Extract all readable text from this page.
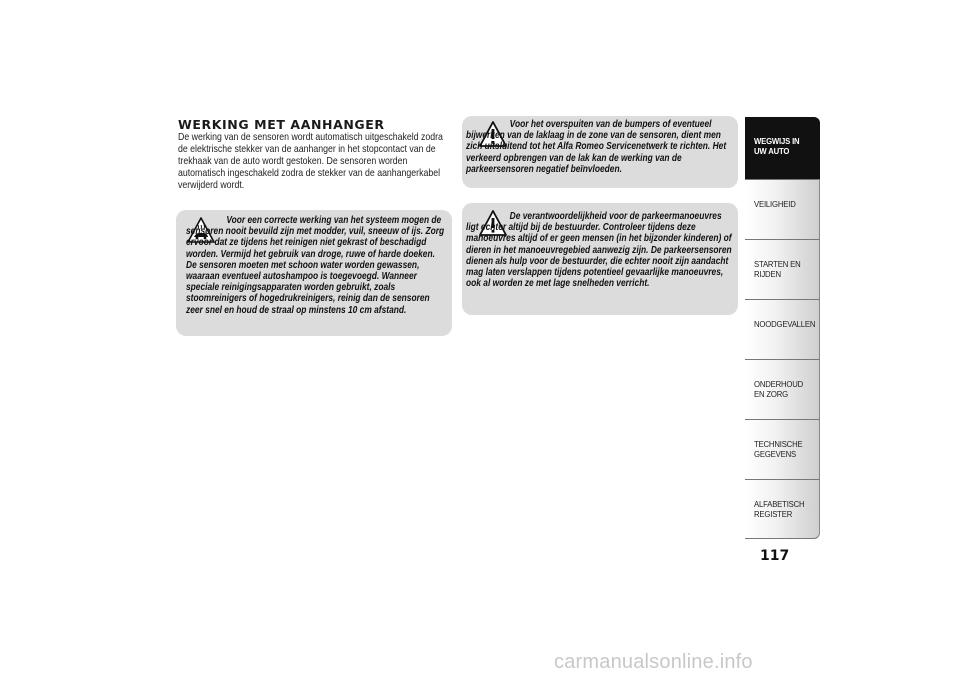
WERKING MET AANHANGER
De werking van de sensoren wordt automatisch uitgeschakeld zodra de elektrische stekker van de aanhanger in het stopcontact van de trekhaak van de auto wordt gestoken. De sensoren worden automatisch ingeschakeld zodra de stekker van de aanhangerkabel verwijderd wordt.
Voor een correcte werking van het systeem mogen de sensoren nooit bevuild zijn met modder, vuil, sneeuw of ijs. Zorg ervoor dat ze tijdens het reinigen niet gekrast of beschadigd worden. Vermijd het gebruik van droge, ruwe of harde doeken. De sensoren moeten met schoon water worden gewassen, waaraan eventueel autoshampoo is toegevoegd. Wanneer speciale reinigingsapparaten worden gebruikt, zoals stoomreinigers of hogedrukreinigers, reinig dan de sensoren zeer snel en houd de straal op minstens 10 cm afstand.
Voor het overspuiten van de bumpers of eventueel bijwerken van de laklaag in de zone van de sensoren, dient men zich uitsluitend tot het Alfa Romeo Servicenetwerk te richten. Het verkeerd opbrengen van de lak kan de werking van de parkeersensoren negatief beïnvloeden.
De verantwoordelijkheid voor de parkeermanoeuvres ligt echter altijd bij de bestuurder. Controleer tijdens deze manoeuvres altijd of er geen mensen (in het bijzonder kinderen) of dieren in het manoeuvregebied aanwezig zijn. De parkeersensoren dienen als hulp voor de bestuurder, die echter nooit zijn aandacht mag laten verslappen tijdens potentieel gevaarlijke manoeuvres, ook al worden ze met lage snelheden verricht.
WEGWIJS IN UW AUTO
VEILIGHEID
STARTEN EN RIJDEN
NOODGEVALLEN
ONDERHOUD EN ZORG
TECHNISCHE GEGEVENS
ALFABETISCH REGISTER
117
carmanualsonline.info
